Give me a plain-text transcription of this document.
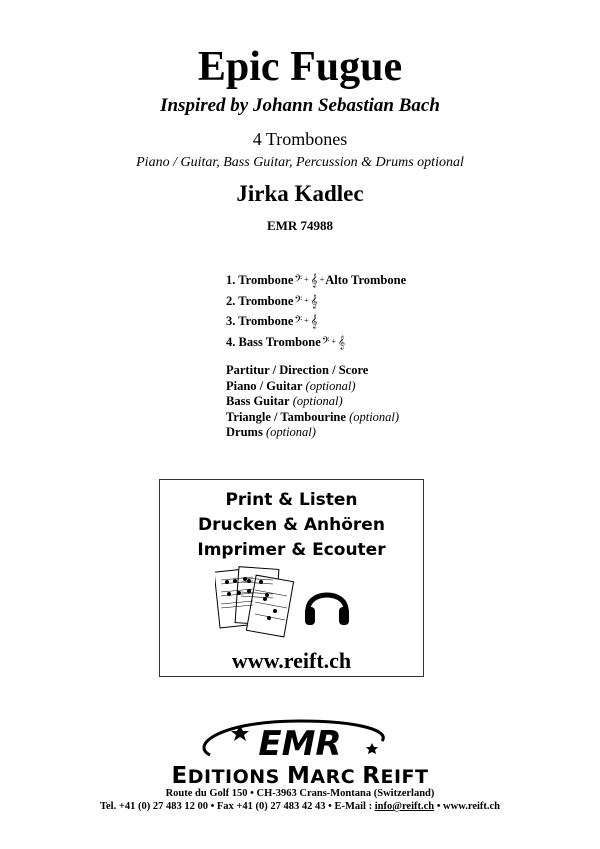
Epic Fugue
Inspired by Johann Sebastian Bach
4 Trombones
Piano / Guitar, Bass Guitar, Percussion & Drums optional
Jirka Kadlec
EMR 74988
1. Trombone 𝄢 + 𝄞 + Alto Trombone
2. Trombone 𝄢 + 𝄞
3. Trombone 𝄢 + 𝄞
4. Bass Trombone 𝄢 + 𝄞
Partitur / Direction / Score
Piano / Guitar (optional)
Bass Guitar (optional)
Triangle / Tambourine (optional)
Drums (optional)
Print & Listen
Drucken & Anhören
Imprimer & Ecouter
www.reift.ch
EMR
EDITIONS MARC REIFT
Route du Golf 150 • CH-3963 Crans-Montana (Switzerland)
Tel. +41 (0) 27 483 12 00 • Fax +41 (0) 27 483 42 43 • E-Mail : info@reift.ch • www.reift.ch
